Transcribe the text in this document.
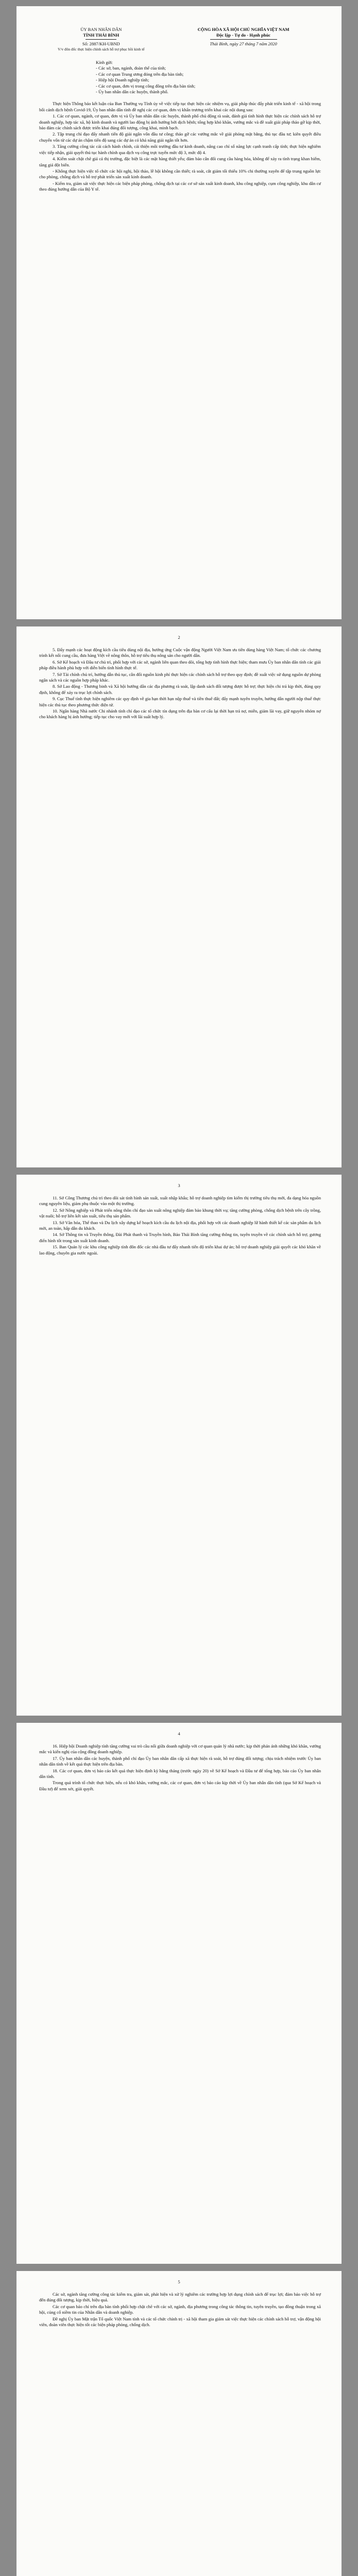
ỦY BAN NHÂN DÂN
TỈNH THÁI BÌNH
Số: 2887/KH-UBND
V/v đôn đốc thực hiện chính sách hỗ trợ phục hồi kinh tế
CỘNG HÒA XÃ HỘI CHỦ NGHĨA VIỆT NAM
Độc lập - Tự do - Hạnh phúc
Thái Bình, ngày 27 tháng 7 năm 2020
Kính gửi:
- Các sở, ban, ngành, đoàn thể của tỉnh;
- Các cơ quan Trung ương đóng trên địa bàn tỉnh;
- Hiệp hội Doanh nghiệp tỉnh;
- Các cơ quan, đơn vị trong công đồng trên địa bàn tỉnh;
- Ủy ban nhân dân các huyện, thành phố.

Thực hiện Thông báo kết luận của Ban Thường vụ Tỉnh ủy về việc tiếp tục thực hiện các nhiệm vụ, giải pháp thúc đẩy phát triển kinh tế - xã hội trong bối cảnh dịch bệnh Covid-19, Ủy ban nhân dân tỉnh đề nghị các cơ quan, đơn vị khẩn trương triển khai các nội dung sau:

1. Các cơ quan, ngành, cơ quan, đơn vị và Ủy ban nhân dân các huyện, thành phố chủ động rà soát, đánh giá tình hình thực hiện các chính sách hỗ trợ doanh nghiệp, hợp tác xã, hộ kinh doanh và người lao động bị ảnh hưởng bởi dịch bệnh; tổng hợp khó khăn, vướng mắc và đề xuất giải pháp tháo gỡ kịp thời, bảo đảm các chính sách được triển khai đúng đối tượng, công khai, minh bạch.

2. Tập trung chỉ đạo đẩy nhanh tiến độ giải ngân vốn đầu tư công; tháo gỡ các vướng mắc về giải phóng mặt bằng, thủ tục đầu tư; kiên quyết điều chuyển vốn từ các dự án chậm tiến độ sang các dự án có khả năng giải ngân tốt hơn.

3. Tăng cường công tác cải cách hành chính, cải thiện môi trường đầu tư kinh doanh, nâng cao chỉ số năng lực cạnh tranh cấp tỉnh; thực hiện nghiêm việc tiếp nhận, giải quyết thủ tục hành chính qua dịch vụ công trực tuyến mức độ 3, mức độ 4.

4. Kiểm soát chặt chẽ giá cả thị trường, đặc biệt là các mặt hàng thiết yếu; đảm bảo cân đối cung cầu hàng hóa, không để xảy ra tình trạng khan hiếm, tăng giá đột biến.

- Không thực hiện việc tổ chức các hội nghị, hội thảo, lễ hội không cần thiết; rà soát, cắt giảm tối thiểu 10% chi thường xuyên để tập trung nguồn lực cho phòng, chống dịch và hỗ trợ phát triển sản xuất kinh doanh.

- Kiểm tra, giám sát việc thực hiện các biện pháp phòng, chống dịch tại các cơ sở sản xuất kinh doanh, khu công nghiệp, cụm công nghiệp, khu dân cư theo đúng hướng dẫn của Bộ Y tế.

2

5. Đẩy mạnh các hoạt động kích cầu tiêu dùng nội địa, hưởng ứng Cuộc vận động Người Việt Nam ưu tiên dùng hàng Việt Nam; tổ chức các chương trình kết nối cung cầu, đưa hàng Việt về nông thôn, hỗ trợ tiêu thụ nông sản cho người dân.

6. Sở Kế hoạch và Đầu tư chủ trì, phối hợp với các sở, ngành liên quan theo dõi, tổng hợp tình hình thực hiện; tham mưu Ủy ban nhân dân tỉnh các giải pháp điều hành phù hợp với diễn biến tình hình thực tế.

7. Sở Tài chính chủ trì, hướng dẫn thủ tục, cân đối nguồn kinh phí thực hiện các chính sách hỗ trợ theo quy định; đề xuất việc sử dụng nguồn dự phòng ngân sách và các nguồn hợp pháp khác.

8. Sở Lao động - Thương binh và Xã hội hướng dẫn các địa phương rà soát, lập danh sách đối tượng được hỗ trợ; thực hiện chi trả kịp thời, đúng quy định, không để xảy ra trục lợi chính sách.

9. Cục Thuế tỉnh thực hiện nghiêm các quy định về gia hạn thời hạn nộp thuế và tiền thuê đất; đẩy mạnh tuyên truyền, hướng dẫn người nộp thuế thực hiện các thủ tục theo phương thức điện tử.

10. Ngân hàng Nhà nước Chi nhánh tỉnh chỉ đạo các tổ chức tín dụng trên địa bàn cơ cấu lại thời hạn trả nợ, miễn, giảm lãi vay, giữ nguyên nhóm nợ cho khách hàng bị ảnh hưởng; tiếp tục cho vay mới với lãi suất hợp lý.

3

11. Sở Công Thương chủ trì theo dõi sát tình hình sản xuất, xuất nhập khẩu; hỗ trợ doanh nghiệp tìm kiếm thị trường tiêu thụ mới, đa dạng hóa nguồn cung nguyên liệu, giảm phụ thuộc vào một thị trường.

12. Sở Nông nghiệp và Phát triển nông thôn chỉ đạo sản xuất nông nghiệp đảm bảo khung thời vụ; tăng cường phòng, chống dịch bệnh trên cây trồng, vật nuôi; hỗ trợ liên kết sản xuất, tiêu thụ sản phẩm.

13. Sở Văn hóa, Thể thao và Du lịch xây dựng kế hoạch kích cầu du lịch nội địa, phối hợp với các doanh nghiệp lữ hành thiết kế các sản phẩm du lịch mới, an toàn, hấp dẫn du khách.

14. Sở Thông tin và Truyền thông, Đài Phát thanh và Truyền hình, Báo Thái Bình tăng cường thông tin, tuyên truyền về các chính sách hỗ trợ, gương điển hình tốt trong sản xuất kinh doanh.

15. Ban Quản lý các khu công nghiệp tỉnh đôn đốc các nhà đầu tư đẩy nhanh tiến độ triển khai dự án; hỗ trợ doanh nghiệp giải quyết các khó khăn về lao động, chuyên gia nước ngoài.

4

16. Hiệp hội Doanh nghiệp tỉnh tăng cường vai trò cầu nối giữa doanh nghiệp với cơ quan quản lý nhà nước; kịp thời phản ánh những khó khăn, vướng mắc và kiến nghị của cộng đồng doanh nghiệp.

17. Ủy ban nhân dân các huyện, thành phố chỉ đạo Ủy ban nhân dân cấp xã thực hiện rà soát, hỗ trợ đúng đối tượng; chịu trách nhiệm trước Ủy ban nhân dân tỉnh về kết quả thực hiện trên địa bàn.

18. Các cơ quan, đơn vị báo cáo kết quả thực hiện định kỳ hằng tháng (trước ngày 20) về Sở Kế hoạch và Đầu tư để tổng hợp, báo cáo Ủy ban nhân dân tỉnh.

Trong quá trình tổ chức thực hiện, nếu có khó khăn, vướng mắc, các cơ quan, đơn vị báo cáo kịp thời về Ủy ban nhân dân tỉnh (qua Sở Kế hoạch và Đầu tư) để xem xét, giải quyết.

5

Các sở, ngành tăng cường công tác kiểm tra, giám sát, phát hiện và xử lý nghiêm các trường hợp lợi dụng chính sách để trục lợi; đảm bảo việc hỗ trợ đến đúng đối tượng, kịp thời, hiệu quả.

Các cơ quan báo chí trên địa bàn tỉnh phối hợp chặt chẽ với các sở, ngành, địa phương trong công tác thông tin, tuyên truyền, tạo đồng thuận trong xã hội, củng cố niềm tin của Nhân dân và doanh nghiệp.

Đề nghị Ủy ban Mặt trận Tổ quốc Việt Nam tỉnh và các tổ chức chính trị - xã hội tham gia giám sát việc thực hiện các chính sách hỗ trợ, vận động hội viên, đoàn viên thực hiện tốt các biện pháp phòng, chống dịch.
